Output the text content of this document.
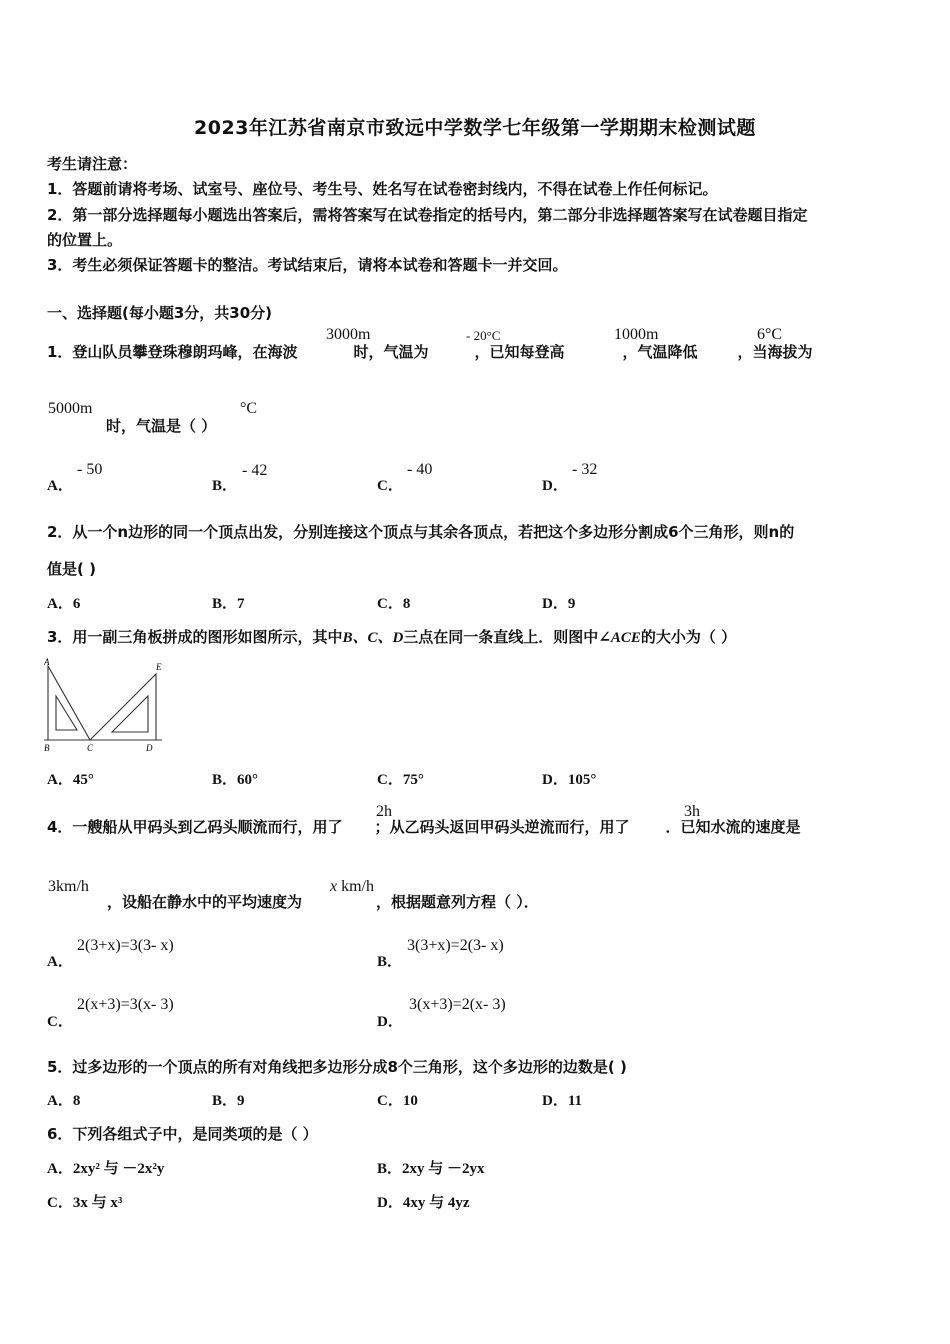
2023年江苏省南京市致远中学数学七年级第一学期期末检测试题
考生请注意：
1．答题前请将考场、试室号、座位号、考生号、姓名写在试卷密封线内，不得在试卷上作任何标记。
2．第一部分选择题每小题选出答案后，需将答案写在试卷指定的括号内，第二部分非选择题答案写在试卷题目指定
的位置上。
3．考生必须保证答题卡的整洁。考试结束后，请将本试卷和答题卡一并交回。
一、选择题(每小题3分，共30分)
1．登山队员攀登珠穆朗玛峰，在海波	时，气温为	，已知每登高	，气温降低	，当海拔为
3000m	- 20°C	1000m	6°C
5000m
时，气温是（ ）
°C
A．
- 50
B．
- 42
C．
- 40
D．
- 32
2．从一个n边形的同一个顶点出发，分别连接这个顶点与其余各顶点，若把这个多边形分割成6个三角形，则n的
值是( )
A．6	B．7	C．8	D．9
3．用一副三角板拼成的图形如图所示，其中B、C、D三点在同一条直线上．则图中∠ACE的大小为（ ）
A	E
B	C	D
A．45°	B．60°	C．75°	D．105°
4．一艘船从甲码头到乙码头顺流而行，用了 ；从乙码头返回甲码头逆流而行，用了 ．已知水流的速度是
2h	3h
3km/h
，设船在静水中的平均速度为	，根据题意列方程（ ）．
x km/h
A．
2(3+x)=3(3- x)
B．
3(3+x)=2(3- x)
C．
2(x+3)=3(x- 3)
D．
3(x+3)=2(x- 3)
5．过多边形的一个顶点的所有对角线把多边形分成8个三角形，这个多边形的边数是( )
A．8	B．9	C．10	D．11
6．下列各组式子中，是同类项的是（ ）
A．2xy² 与 －2x²y	B．2xy 与 －2yx
C．3x 与 x³	D．4xy 与 4yz
